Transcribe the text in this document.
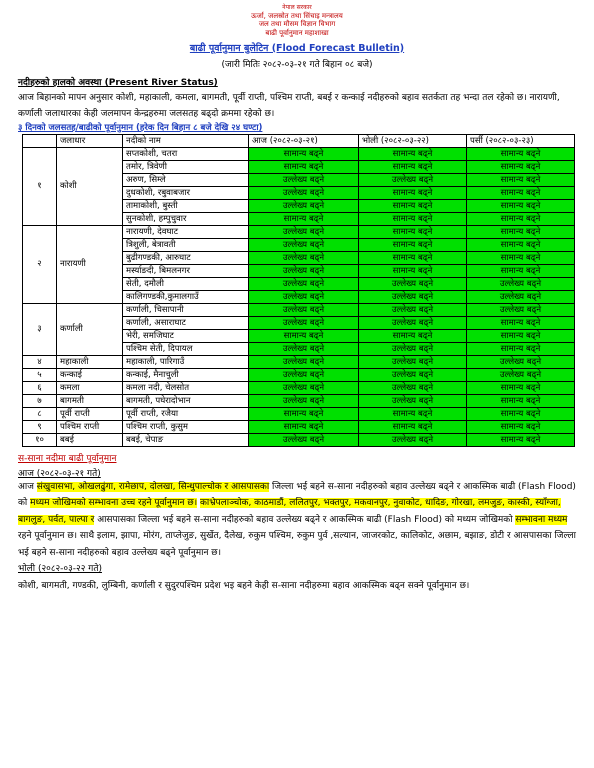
नेपाल सरकार
ऊर्जा, जलस्रोत तथा सिंचाइ मन्त्रालय
जल तथा मौसम विज्ञान विभाग
बाढी पूर्वानुमान महाशाखा
बाढी पूर्वानुमान बुलेटिन (Flood Forecast Bulletin)
(जारी मितिः २०८२-०३-२१ गते बिहान ०८ बजे)
नदीहरुको हालको अवस्था (Present River Status)
आज बिहानको मापन अनुसार कोशी, महाकाली, कमला, बागमती, पूर्वी राप्ती, पश्चिम राप्ती, बबई र कन्काई नदीहरुको बहाव सतर्कता तह भन्दा तल रहेको छ। नारायणी, कर्णाली जलाधारका केही जलमापन केन्द्रहरुमा जलसतह बढ्दो क्रममा रहेको छ।
३ दिनको जलसतह/बाढीको पूर्वानुमान (हरेक दिन बिहान ८ बजे देखि २४ घण्टा)
	जलाधार	नदीको नाम	आज (२०८२-०३-२१)	भोली (२०८२-०३-२२)	पर्सी (२०८२-०३-२३)
१	कोशी	सप्तकोशी, चतरा	सामान्य बढ्ने	सामान्य बढ्ने	सामान्य बढ्ने
		तमोर, त्रिवेणी	सामान्य बढ्ने	सामान्य बढ्ने	सामान्य बढ्ने
		अरुण, सिम्ले	उल्लेख्य बढ्ने	उल्लेख्य बढ्ने	सामान्य बढ्ने
		दुधकोशी, रबुवाबजार	उल्लेख्य बढ्ने	सामान्य बढ्ने	सामान्य बढ्ने
		तामाकोशी, बुस्ती	उल्लेख्य बढ्ने	सामान्य बढ्ने	सामान्य बढ्ने
		सुनकोशी, हम्पुचुवार	सामान्य बढ्ने	सामान्य बढ्ने	सामान्य बढ्ने
२	नारायणी	नारायणी, देवघाट	उल्लेख्य बढ्ने	सामान्य बढ्ने	सामान्य बढ्ने
		त्रिशुली, बेत्रावती	उल्लेख्य बढ्ने	सामान्य बढ्ने	सामान्य बढ्ने
		बुढीगण्डकी, आरुघाट	उल्लेख्य बढ्ने	सामान्य बढ्ने	सामान्य बढ्ने
		मर्स्याङदी, बिमलनगर	उल्लेख्य बढ्ने	सामान्य बढ्ने	सामान्य बढ्ने
		सेती, दमौली	उल्लेख्य बढ्ने	उल्लेख्य बढ्ने	उल्लेख्य बढ्ने
		कालिगण्डकी,कुमालगाउँ	उल्लेख्य बढ्ने	उल्लेख्य बढ्ने	उल्लेख्य बढ्ने
३	कर्णाली	कर्णाली, चिसापानी	उल्लेख्य बढ्ने	उल्लेख्य बढ्ने	उल्लेख्य बढ्ने
		कर्णाली, असाराघाट	उल्लेख्य बढ्ने	उल्लेख्य बढ्ने	सामान्य बढ्ने
		भेरी, समजिघाट	सामान्य बढ्ने	सामान्य बढ्ने	सामान्य बढ्ने
		पश्चिम सेती, दिपायल	उल्लेख्य बढ्ने	उल्लेख्य बढ्ने	सामान्य बढ्ने
४	महाकाली	महाकाली, पारिगाउँ	उल्लेख्य बढ्ने	उल्लेख्य बढ्ने	उल्लेख्य बढ्ने
५	कन्काई	कन्काई, मैनाचुली	उल्लेख्य बढ्ने	उल्लेख्य बढ्ने	उल्लेख्य बढ्ने
६	कमला	कमला नदी, चेलसोत	उल्लेख्य बढ्ने	उल्लेख्य बढ्ने	सामान्य बढ्ने
७	बागमती	बागमती, पघेरादोभान	उल्लेख्य बढ्ने	उल्लेख्य बढ्ने	सामान्य बढ्ने
८	पूर्वी राप्ती	पूर्वी राप्ती, रजैया	सामान्य बढ्ने	सामान्य बढ्ने	सामान्य बढ्ने
९	पश्चिम राप्ती	पश्चिम राप्ती, कुसुम	सामान्य बढ्ने	सामान्य बढ्ने	सामान्य बढ्ने
१०	बबई	बबई, चेपाङ	उल्लेख्य बढ्ने	उल्लेख्य बढ्ने	सामान्य बढ्ने
स-साना नदीमा बाढी पूर्वानुमान
आज (२०८२-०३-२१ गते)
आज संखुवासभा, ओखलढुंगा, रामेछाप, दोलखा, सिन्धुपाल्चोक र आसपासका जिल्ला भई बहने स-साना नदीहरुको बहाव उल्लेख्य बढ्ने र आकस्मिक बाढी (Flash Flood) को मध्यम जोखिमको सम्भावना उच्च रहने पूर्वानुमान छ। काभ्रेपलाञ्चोक, काठमाडौं, ललितपुर, भक्तपुर, मकवानपुर, नुवाकोट, धादिङ, गोरखा, लमजुङ, कास्की, स्याँग्जा, बागलुङ, पर्वत, पाल्पा र आसपासका जिल्ला भई बहने स-साना नदीहरुको बहाव उल्लेख्य बढ्ने र आकस्मिक बाढी (Flash Flood) को मध्यम जोखिमको सम्भावना मध्यम रहने पूर्वानुमान छ। साथै इलाम, झापा, मोरंग, ताप्लेजुङ, सुर्खेत, दैलेख, रुकुम पश्चिम, रुकुम पुर्व ,सल्यान, जाजरकोट, कालिकोट, अछाम, बझाङ, डोटी र आसपासका जिल्ला भई बहने स-साना नदीहरुको बहाव उल्लेख्य बढ्ने पूर्वानुमान छ।
भोली (२०८२-०३-२२ गते)
कोशी, बागमती, गण्डकी, लुम्बिनी, कर्णाली र सुदुरपश्चिम प्रदेश भइ बहने केही स-साना नदीहरुमा बहाव आकस्मिक बढ्न सक्ने पूर्वानुमान छ।
